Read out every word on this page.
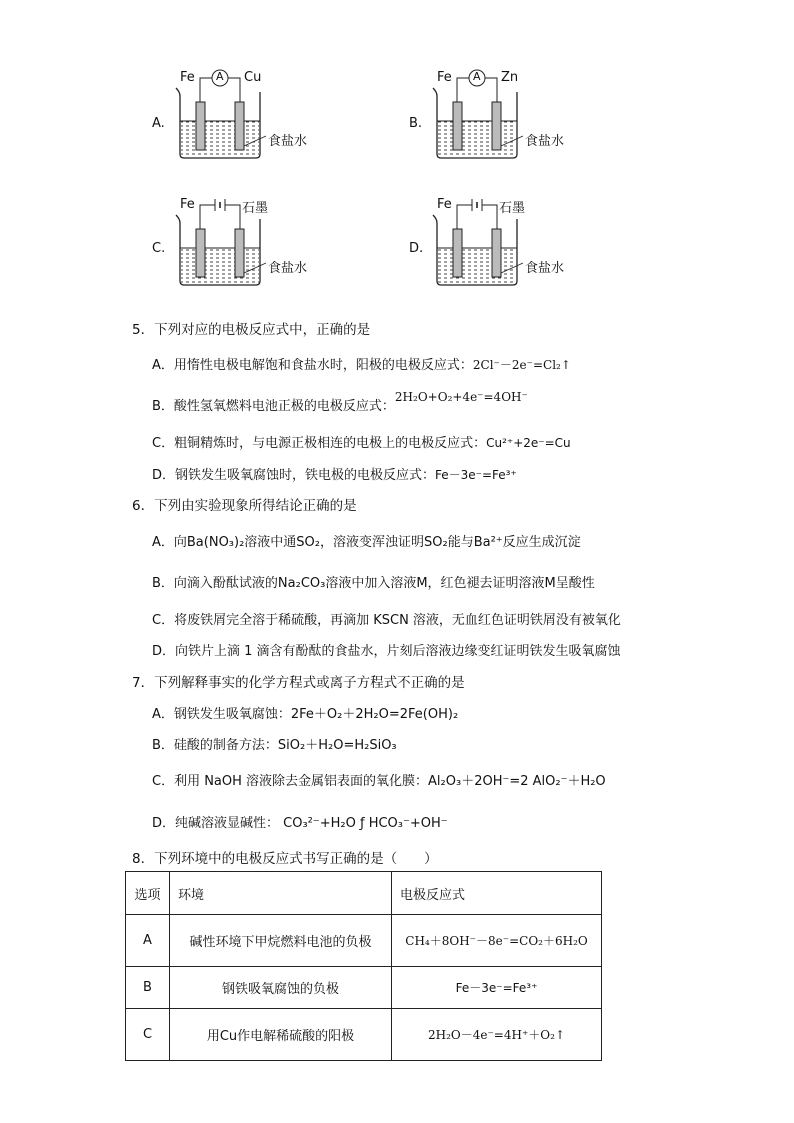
A
Fe	Cu
食盐水
A.
A
Fe	Zn
食盐水
B.
Fe	石墨
食盐水
C.
Fe	石墨
食盐水
D.
5．下列对应的电极反应式中，正确的是
A．用惰性电极电解饱和食盐水时，阳极的电极反应式：2Cl⁻－2e⁻=Cl₂↑
B．酸性氢氧燃料电池正极的电极反应式：2H₂O+O₂+4e⁻=4OH⁻
C．粗铜精炼时，与电源正极相连的电极上的电极反应式：Cu²⁺+2e⁻=Cu
D．钢铁发生吸氧腐蚀时，铁电极的电极反应式：Fe－3e⁻=Fe³⁺
6．下列由实验现象所得结论正确的是
A．向Ba(NO₃)₂溶液中通SO₂，溶液变浑浊证明SO₂能与Ba²⁺反应生成沉淀
B．向滴入酚酞试液的Na₂CO₃溶液中加入溶液M，红色褪去证明溶液M呈酸性
C．将废铁屑完全溶于稀硫酸，再滴加 KSCN 溶液，无血红色证明铁屑没有被氧化
D．向铁片上滴 1 滴含有酚酞的食盐水，片刻后溶液边缘变红证明铁发生吸氧腐蚀
7．下列解释事实的化学方程式或离子方程式不正确的是
A．钢铁发生吸氧腐蚀：2Fe＋O₂＋2H₂O=2Fe(OH)₂
B．硅酸的制备方法：SiO₂＋H₂O=H₂SiO₃
C．利用 NaOH 溶液除去金属铝表面的氧化膜：Al₂O₃＋2OH⁻=2 AlO₂⁻＋H₂O
D．纯碱溶液显碱性： CO₃²⁻+H₂O ƒ HCO₃⁻+OH⁻
8．下列环境中的电极反应式书写正确的是（　　）
选项	环境	电极反应式
A	碱性环境下甲烷燃料电池的负极	CH₄＋8OH⁻－8e⁻=CO₂＋6H₂O
B	钢铁吸氧腐蚀的负极	Fe－3e⁻=Fe³⁺
C	用Cu作电解稀硫酸的阳极	2H₂O－4e⁻=4H⁺＋O₂↑
